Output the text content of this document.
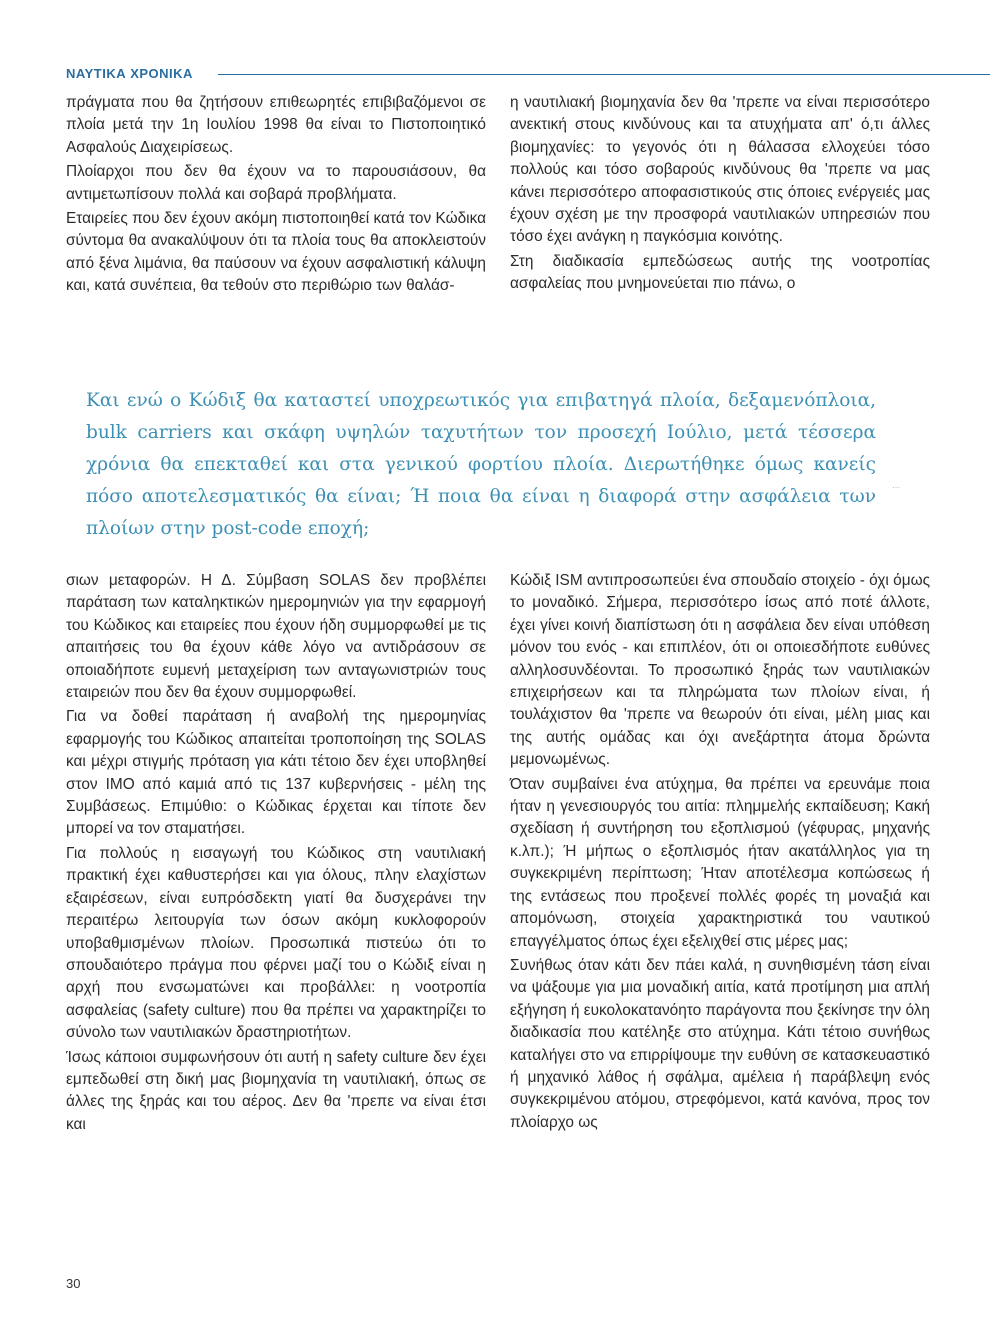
ΝΑΥΤΙΚΑ ΧΡΟΝΙΚΑ

πράγματα που θα ζητήσουν επιθεωρητές επιβιβαζόμενοι σε πλοία μετά την 1η Ιουλίου 1998 θα είναι το Πιστοποιητικό Ασφαλούς Διαχειρίσεως.

Πλοίαρχοι που δεν θα έχουν να το παρουσιάσουν, θα αντιμετωπίσουν πολλά και σοβαρά προβλήματα.

Εταιρείες που δεν έχουν ακόμη πιστοποιηθεί κατά τον Κώδικα σύντομα θα ανακαλύψουν ότι τα πλοία τους θα αποκλειστούν από ξένα λιμάνια, θα παύσουν να έχουν ασφαλιστική κάλυψη και, κατά συνέπεια, θα τεθούν στο περιθώριο των θαλάσ-

η ναυτιλιακή βιομηχανία δεν θα 'πρεπε να είναι περισσότερο ανεκτική στους κινδύνους και τα ατυχήματα απ' ό,τι άλλες βιομηχανίες: το γεγονός ότι η θάλασσα ελλοχεύει τόσο πολλούς και τόσο σοβαρούς κινδύνους θα 'πρεπε να μας κάνει περισσότερο αποφασιστικούς στις όποιες ενέργειές μας έχουν σχέση με την προσφορά ναυτιλιακών υπηρεσιών που τόσο έχει ανάγκη η παγκόσμια κοινότης.

Στη διαδικασία εμπεδώσεως αυτής της νοοτροπίας ασφαλείας που μνημονεύεται πιο πάνω, ο

Και ενώ ο Κώδιξ θα καταστεί υποχρεωτικός για επιβατηγά πλοία, δεξαμενόπλοια, bulk carriers και σκάφη υψηλών ταχυτήτων τον προσεχή Ιούλιο, μετά τέσσερα χρόνια θα επεκταθεί και στα γενικού φορτίου πλοία. Διερωτήθηκε όμως κανείς πόσο αποτελεσματικός θα είναι; Ή ποια θα είναι η διαφορά στην ασφάλεια των πλοίων στην post-code εποχή;
...

σιων μεταφορών. Η Δ. Σύμβαση SOLAS δεν προβλέπει παράταση των καταληκτικών ημερομηνιών για την εφαρμογή του Κώδικος και εταιρείες που έχουν ήδη συμμορφωθεί με τις απαιτήσεις του θα έχουν κάθε λόγο να αντιδράσουν σε οποιαδήποτε ευμενή μεταχείριση των ανταγωνιστριών τους εταιρειών που δεν θα έχουν συμμορφωθεί.

Για να δοθεί παράταση ή αναβολή της ημερομηνίας εφαρμογής του Κώδικος απαιτείται τροποποίηση της SOLAS και μέχρι στιγμής πρόταση για κάτι τέτοιο δεν έχει υποβληθεί στον ΙΜΟ από καμιά από τις 137 κυβερνήσεις - μέλη της Συμβάσεως. Επιμύθιο: ο Κώδικας έρχεται και τίποτε δεν μπορεί να τον σταματήσει.

Για πολλούς η εισαγωγή του Κώδικος στη ναυτιλιακή πρακτική έχει καθυστερήσει και για όλους, πλην ελαχίστων εξαιρέσεων, είναι ευπρόσδεκτη γιατί θα δυσχεράνει την περαιτέρω λειτουργία των όσων ακόμη κυκλοφορούν υποβαθμισμένων πλοίων. Προσωπικά πιστεύω ότι το σπουδαιότερο πράγμα που φέρνει μαζί του ο Κώδιξ είναι η αρχή που ενσωματώνει και προβάλλει: η νοοτροπία ασφαλείας (safety culture) που θα πρέπει να χαρακτηρίζει το σύνολο των ναυτιλιακών δραστηριοτήτων.

Ίσως κάποιοι συμφωνήσουν ότι αυτή η safety culture δεν έχει εμπεδωθεί στη δική μας βιομηχανία τη ναυτιλιακή, όπως σε άλλες της ξηράς και του αέρος. Δεν θα 'πρεπε να είναι έτσι και

Κώδιξ ISM αντιπροσωπεύει ένα σπουδαίο στοιχείο - όχι όμως το μοναδικό. Σήμερα, περισσότερο ίσως από ποτέ άλλοτε, έχει γίνει κοινή διαπίστωση ότι η ασφάλεια δεν είναι υπόθεση μόνον του ενός - και επιπλέον, ότι οι οποιεσδήποτε ευθύνες αλληλοσυνδέονται. Το προσωπικό ξηράς των ναυτιλιακών επιχειρήσεων και τα πληρώματα των πλοίων είναι, ή τουλάχιστον θα 'πρεπε να θεωρούν ότι είναι, μέλη μιας και της αυτής ομάδας και όχι ανεξάρτητα άτομα δρώντα μεμονωμένως.

Όταν συμβαίνει ένα ατύχημα, θα πρέπει να ερευνάμε ποια ήταν η γενεσιουργός του αιτία: πλημμελής εκπαίδευση; Κακή σχεδίαση ή συντήρηση του εξοπλισμού (γέφυρας, μηχανής κ.λπ.); Ή μήπως ο εξοπλισμός ήταν ακατάλληλος για τη συγκεκριμένη περίπτωση; Ήταν αποτέλεσμα κοπώσεως ή της εντάσεως που προξενεί πολλές φορές τη μοναξιά και απομόνωση, στοιχεία χαρακτηριστικά του ναυτικού επαγγέλματος όπως έχει εξελιχθεί στις μέρες μας;

Συνήθως όταν κάτι δεν πάει καλά, η συνηθισμένη τάση είναι να ψάξουμε για μια μοναδική αιτία, κατά προτίμηση μια απλή εξήγηση ή ευκολοκατανόητο παράγοντα που ξεκίνησε την όλη διαδικασία που κατέληξε στο ατύχημα. Κάτι τέτοιο συνήθως καταλήγει στο να επιρρίψουμε την ευθύνη σε κατασκευαστικό ή μηχανικό λάθος ή σφάλμα, αμέλεια ή παράβλεψη ενός συγκεκριμένου ατόμου, στρεφόμενοι, κατά κανόνα, προς τον πλοίαρχο ως

30
